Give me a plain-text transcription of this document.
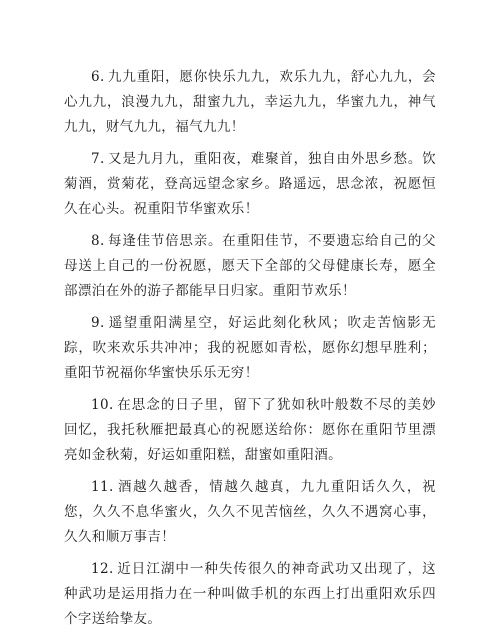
6. 九九重阳，愿你快乐九九，欢乐九九，舒心九九，会心九九，浪漫九九，甜蜜九九，幸运九九，华蜜九九，神气九九，财气九九，福气九九！

7. 又是九月九，重阳夜，难聚首，独自由外思乡愁。饮菊酒，赏菊花，登高远望念家乡。路遥远，思念浓，祝愿恒久在心头。祝重阳节华蜜欢乐！

8. 每逢佳节倍思亲。在重阳佳节，不要遗忘给自己的父母送上自己的一份祝愿，愿天下全部的父母健康长寿，愿全部漂泊在外的游子都能早日归家。重阳节欢乐！

9. 遥望重阳满星空，好运此刻化秋风；吹走苦恼影无踪，吹来欢乐共冲冲；我的祝愿如青松，愿你幻想早胜利；重阳节祝福你华蜜快乐乐无穷！

10. 在思念的日子里，留下了犹如秋叶般数不尽的美妙回忆，我托秋雁把最真心的祝愿送给你：愿你在重阳节里漂亮如金秋菊，好运如重阳糕，甜蜜如重阳酒。

11. 酒越久越香，情越久越真，九九重阳话久久，祝您，久久不息华蜜火，久久不见苦恼丝，久久不遇窝心事，久久和顺万事吉！

12. 近日江湖中一种失传很久的神奇武功又出现了，这种武功是运用指力在一种叫做手机的东西上打出重阳欢乐四个字送给挚友。
